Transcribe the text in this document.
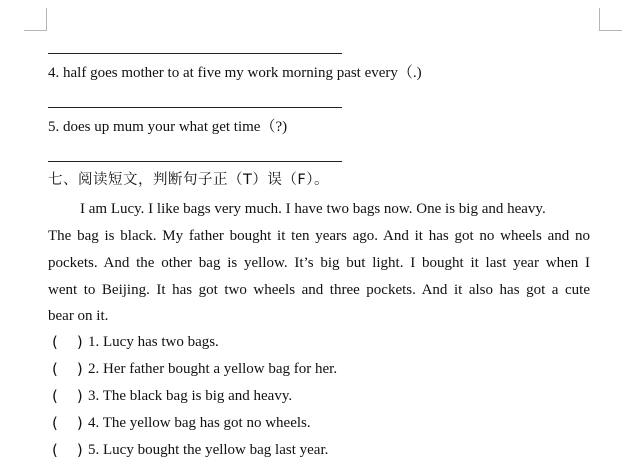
4. half goes mother to at five my work morning past every（.)

5. does up mum your what get time（?)

七、阅读短文，判断句子正（T）误（F）。

I am Lucy. I like bags very much. I have two bags now. One is big and heavy.

The bag is black. My father bought it ten years ago. And it has got no wheels and no

pockets. And the other bag is yellow. It’s big but light. I bought it last year when I

went to Beijing. It has got two wheels and three pockets. And it also has got a cute

bear on it.

(    ) 1. Lucy has two bags.
(    ) 2. Her father bought a yellow bag for her.
(    ) 3. The black bag is big and heavy.
(    ) 4. The yellow bag has got no wheels.
(    ) 5. Lucy bought the yellow bag last year.
